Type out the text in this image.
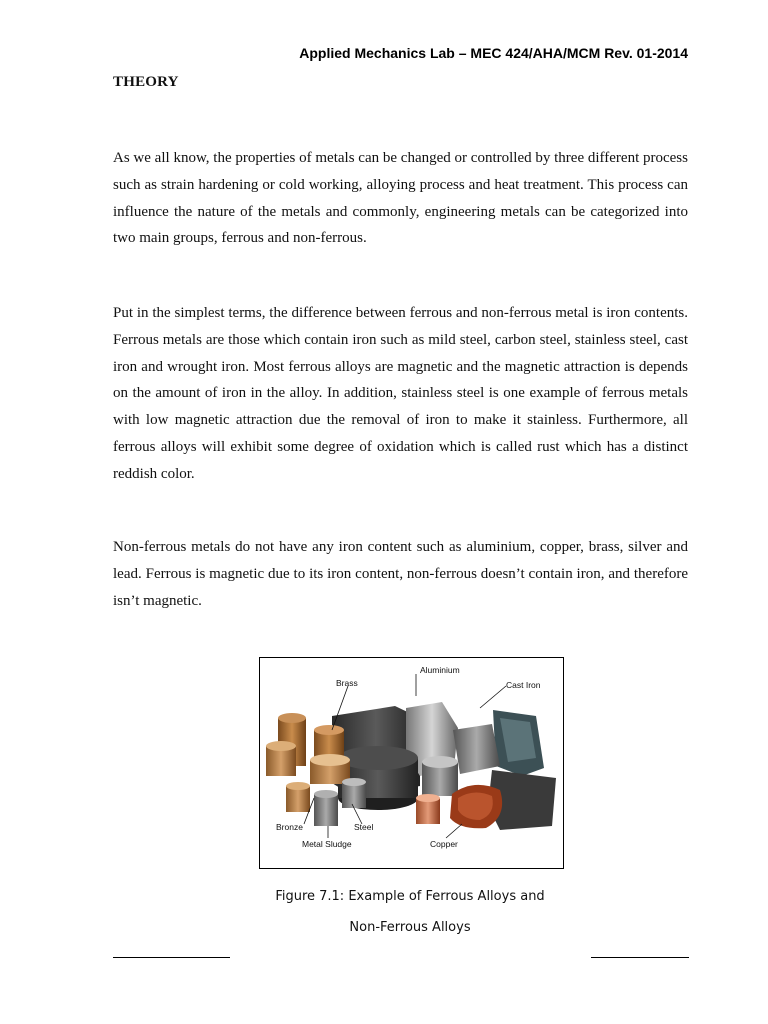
Applied Mechanics Lab – MEC 424/AHA/MCM Rev. 01-2014
THEORY

As we all know, the properties of metals can be changed or controlled by three different process such as strain hardening or cold working, alloying process and heat treatment. This process can influence the nature of the metals and commonly, engineering metals can be categorized into two main groups, ferrous and non-ferrous.

Put in the simplest terms, the difference between ferrous and non-ferrous metal is iron contents. Ferrous metals are those which contain iron such as mild steel, carbon steel, stainless steel, cast iron and wrought iron. Most ferrous alloys are magnetic and the magnetic attraction is depends on the amount of iron in the alloy. In addition, stainless steel is one example of ferrous metals with low magnetic attraction due the removal of iron to make it stainless. Furthermore, all ferrous alloys will exhibit some degree of oxidation which is called rust which has a distinct reddish color.

Non-ferrous metals do not have any iron content such as aluminium, copper, brass, silver and lead. Ferrous is magnetic due to its iron content, non-ferrous doesn’t contain iron, and therefore isn’t magnetic.

Brass
Aluminium
Cast Iron
Bronze	Steel
Metal Sludge	Copper
Figure 7.1: Example of Ferrous Alloys and
Non-Ferrous Alloys
